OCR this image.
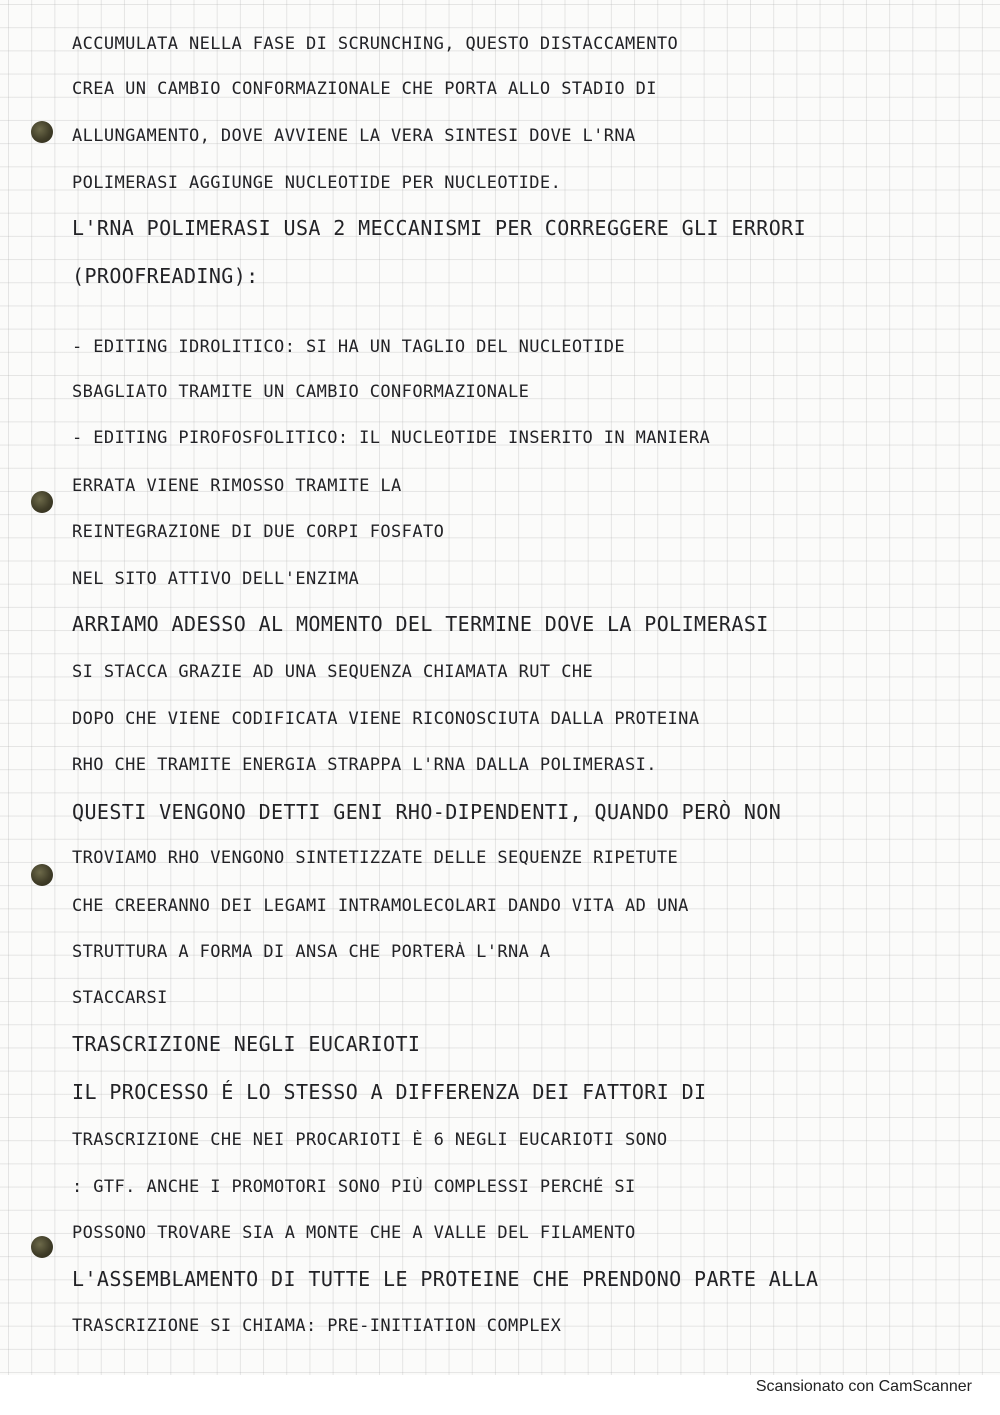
ACCUMULATA NELLA FASE DI SCRUNCHING, QUESTO DISTACCAMENTO

CREA UN CAMBIO CONFORMAZIONALE CHE PORTA ALLO STADIO DI

ALLUNGAMENTO, DOVE AVVIENE LA VERA SINTESI DOVE L'RNA

POLIMERASI AGGIUNGE NUCLEOTIDE PER NUCLEOTIDE.

L'RNA POLIMERASI USA 2 MECCANISMI PER CORREGGERE GLI ERRORI

(PROOFREADING):

- EDITING IDROLITICO: SI HA UN TAGLIO DEL NUCLEOTIDE

SBAGLIATO TRAMITE UN CAMBIO CONFORMAZIONALE

- EDITING PIROFOSFOLITICO: IL NUCLEOTIDE INSERITO IN MANIERA

ERRATA VIENE RIMOSSO TRAMITE LA

REINTEGRAZIONE DI DUE CORPI FOSFATO

NEL SITO ATTIVO DELL'ENZIMA

ARRIAMO ADESSO AL MOMENTO DEL TERMINE DOVE LA POLIMERASI

SI STACCA GRAZIE AD UNA SEQUENZA CHIAMATA RUT CHE

DOPO CHE VIENE CODIFICATA VIENE RICONOSCIUTA DALLA PROTEINA

RHO CHE TRAMITE ENERGIA STRAPPA L'RNA DALLA POLIMERASI.

QUESTI VENGONO DETTI GENI RHO-DIPENDENTI, QUANDO PERÒ NON

TROVIAMO RHO VENGONO SINTETIZZATE DELLE SEQUENZE RIPETUTE

CHE CREERANNO DEI LEGAMI INTRAMOLECOLARI DANDO VITA AD UNA

STRUTTURA A FORMA DI ANSA CHE PORTERÀ L'RNA A

STACCARSI

TRASCRIZIONE NEGLI EUCARIOTI

IL PROCESSO É LO STESSO A DIFFERENZA DEI FATTORI DI

TRASCRIZIONE CHE NEI PROCARIOTI È 6 NEGLI EUCARIOTI SONO

: GTF. ANCHE I PROMOTORI SONO PIÙ COMPLESSI PERCHÉ SI

POSSONO TROVARE SIA A MONTE CHE A VALLE DEL FILAMENTO

L'ASSEMBLAMENTO DI TUTTE LE PROTEINE CHE PRENDONO PARTE ALLA

TRASCRIZIONE SI CHIAMA: PRE-INITIATION COMPLEX

Scansionato con CamScanner
